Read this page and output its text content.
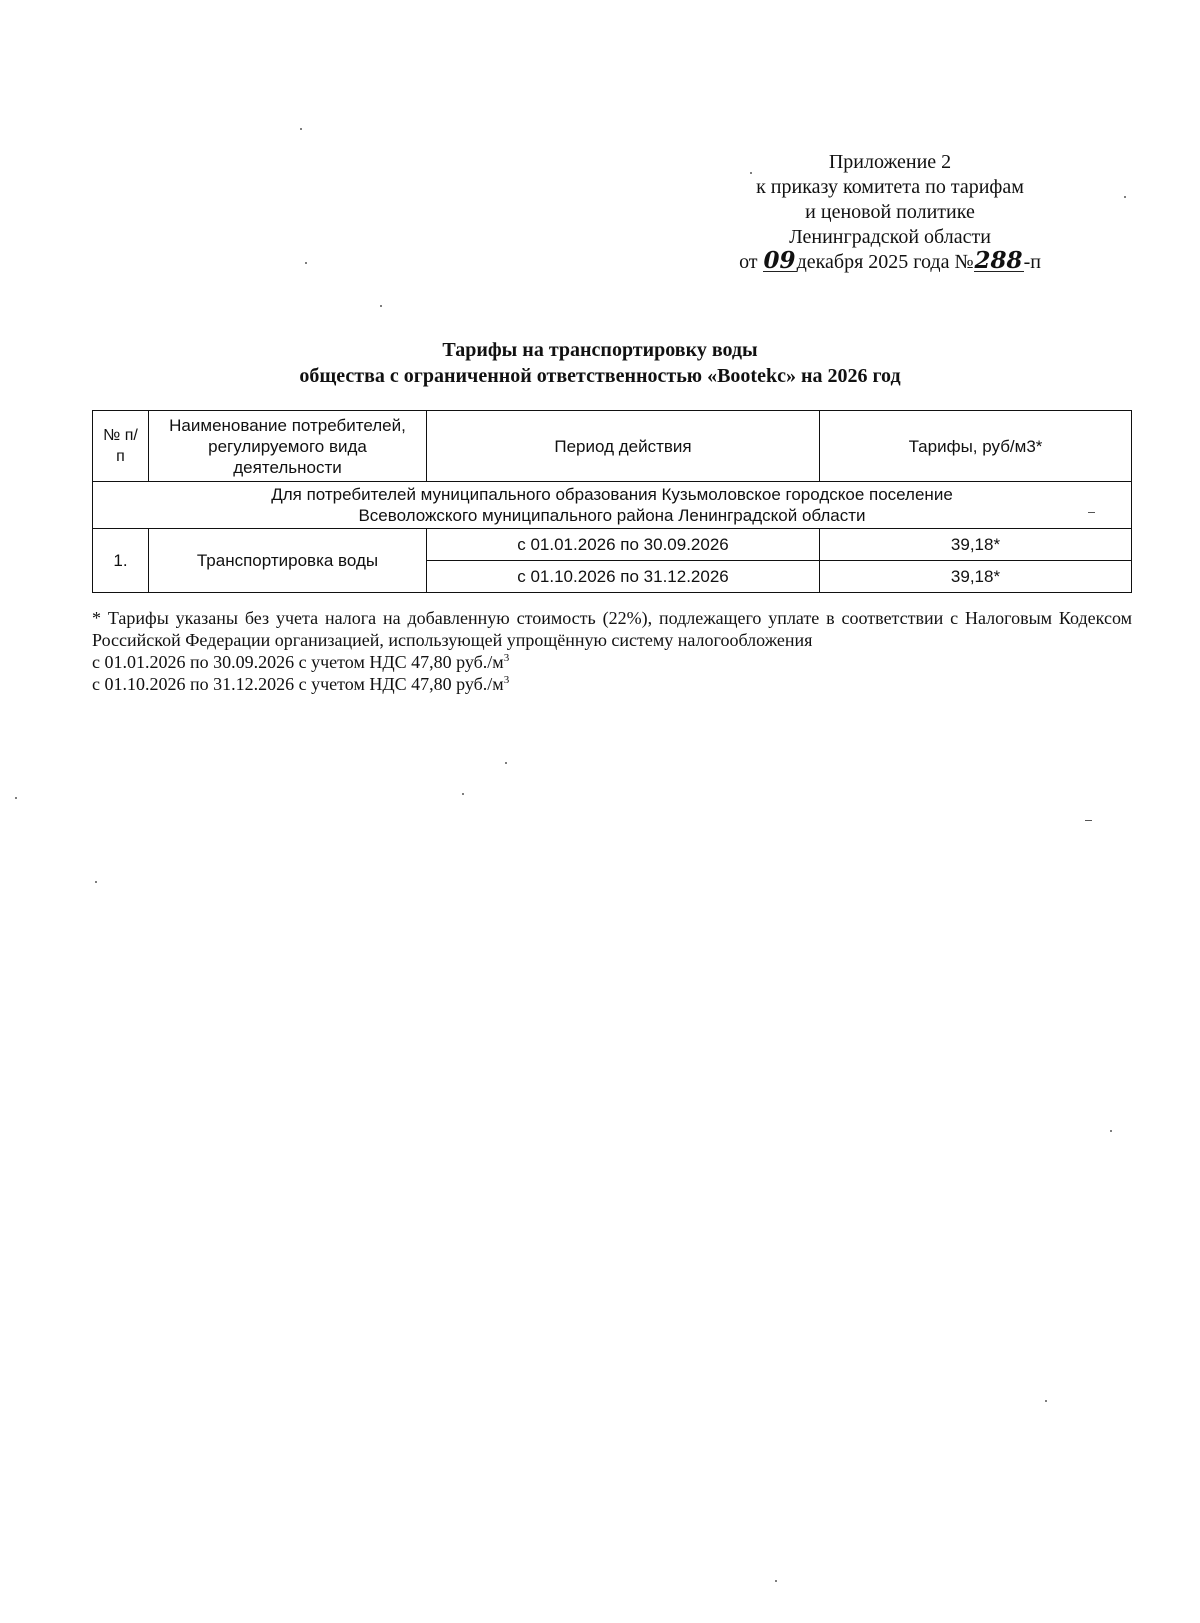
Приложение 2
к приказу комитета по тарифам
и ценовой политике
Ленинградской области
от 09декабря 2025 года №288-п
Тарифы на транспортировку воды
общества с ограниченной ответственностью «Вootekс» на 2026 год
№ п/п	Наименование потребителей, регулируемого вида деятельности	Период действия	Тарифы, руб/м3*

Для потребителей муниципального образования Кузьмоловское городское поселение
Всеволожского муниципального района Ленинградской области			

1.	Транспортировка воды	с 01.01.2026 по 30.09.2026	39,18*
		с 01.10.2026 по 31.12.2026	39,18*
* Тарифы указаны без учета налога на добавленную стоимость (22%), подлежащего уплате в соответствии с Налоговым Кодексом Российской Федерации организацией, использующей упрощённую систему налогообложения
с 01.01.2026 по 30.09.2026 с учетом НДС 47,80 $руб./м^3$
с 01.10.2026 по 31.12.2026 с учетом НДС 47,80 $руб./м^3$
